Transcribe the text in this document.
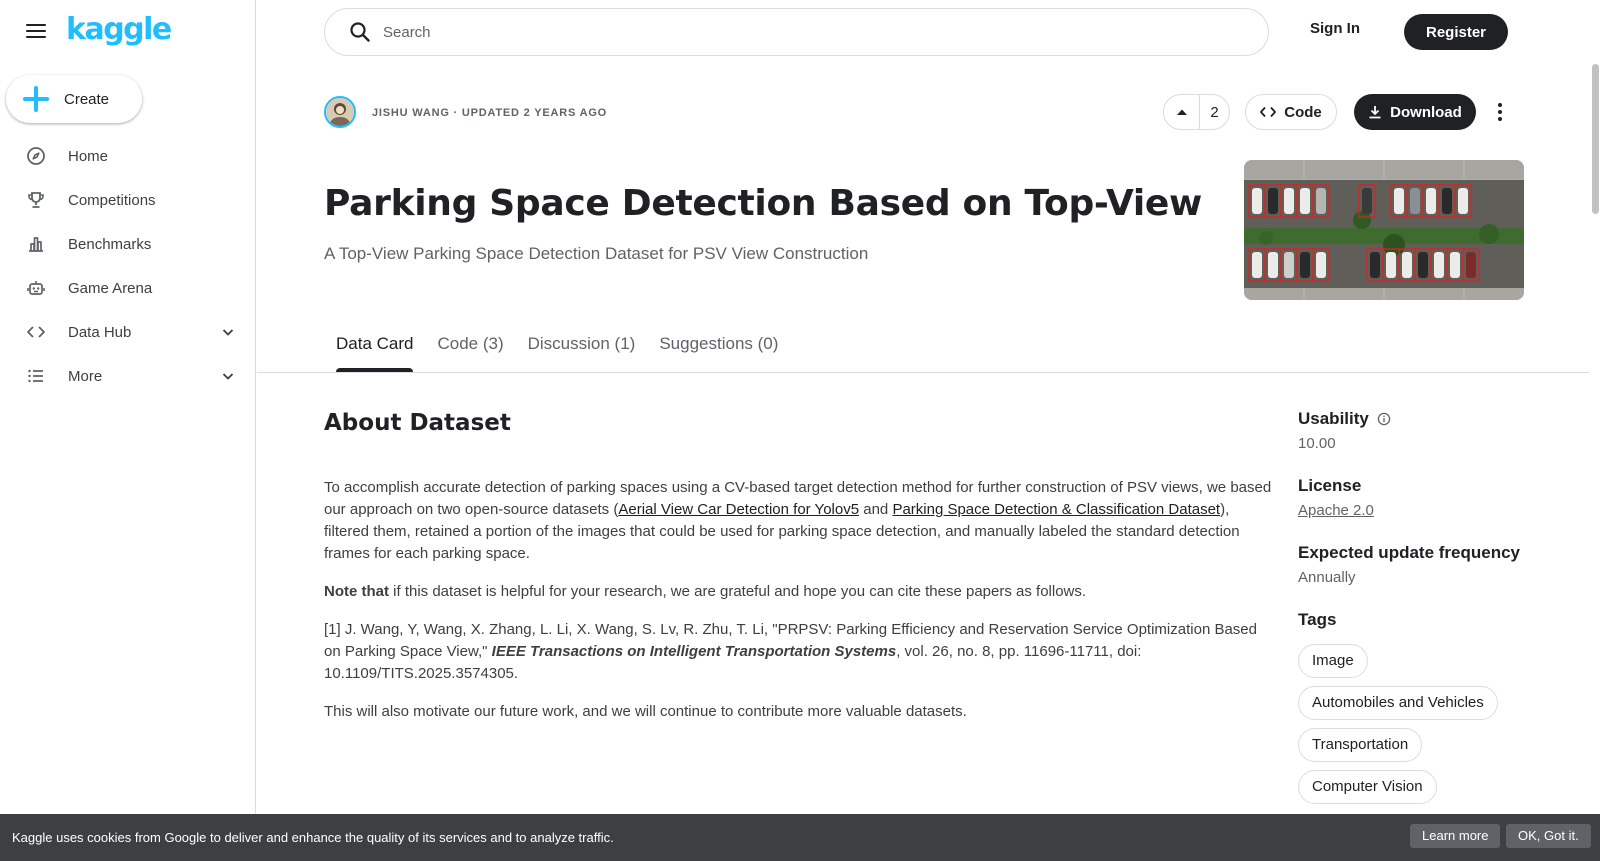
kaggle
Create
Home
Competitions
Benchmarks
Game Arena
Data Hub
More
Search
Sign In	Register
JISHU WANG · UPDATED 2 YEARS AGO	2	Code	Download
Parking Space Detection Based on Top-View
A Top-View Parking Space Detection Dataset for PSV View Construction
Data Card Code (3) Discussion (1) Suggestions (0)
About Dataset

To accomplish accurate detection of parking spaces using a CV-based target detection method for further construction of PSV views, we based our approach on two open-source datasets (Aerial View Car Detection for Yolov5 and Parking Space Detection & Classification Dataset), filtered them, retained a portion of the images that could be used for parking space detection, and manually labeled the standard detection frames for each parking space.

Note that if this dataset is helpful for your research, we are grateful and hope you can cite these papers as follows.

[1] J. Wang, Y, Wang, X. Zhang, L. Li, X. Wang, S. Lv, R. Zhu, T. Li, "PRPSV: Parking Efficiency and Reservation Service Optimization Based on Parking Space View," IEEE Transactions on Intelligent Transportation Systems, vol. 26, no. 8, pp. 11696-11711, doi: 10.1109/TITS.2025.3574305.

This will also motivate our future work, and we will continue to contribute more valuable datasets.

Usability
10.00
License
Apache 2.0
Expected update frequency
Annually
Tags
Image
Automobiles and Vehicles
Transportation
Computer Vision
Kaggle uses cookies from Google to deliver and enhance the quality of its services and to analyze traffic.	Learn more	OK, Got it.
